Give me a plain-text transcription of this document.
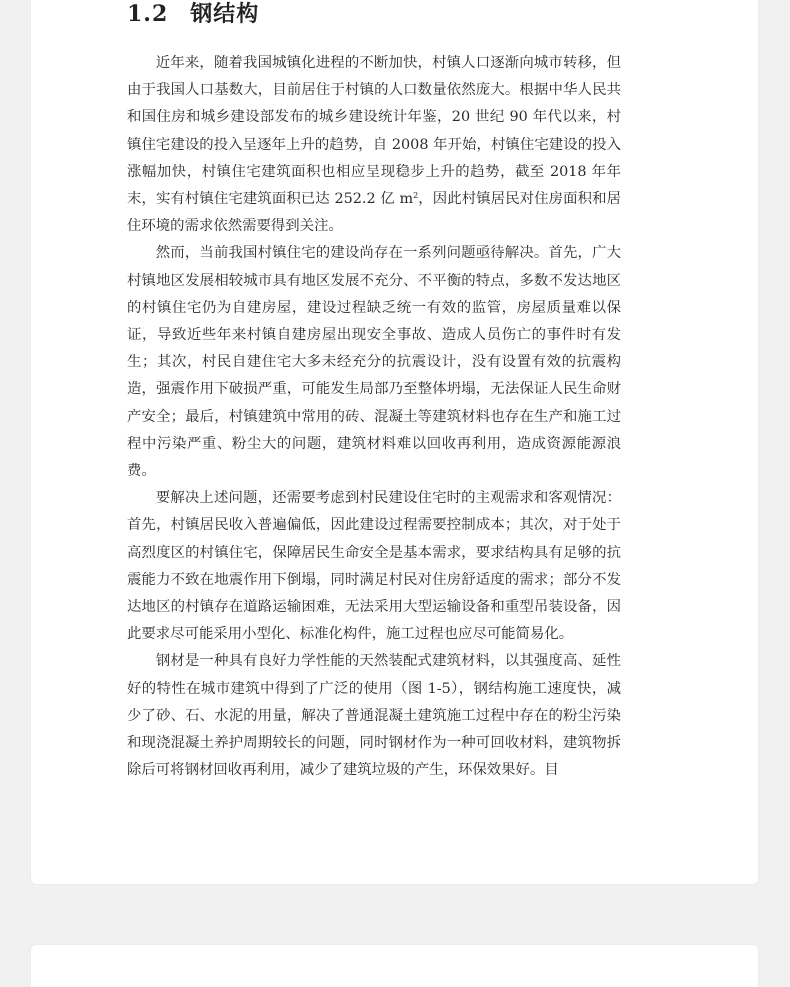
1.2 钢结构

近年来，随着我国城镇化进程的不断加快，村镇人口逐渐向城市转移，但由于我国人口基数大，目前居住于村镇的人口数量依然庞大。根据中华人民共和国住房和城乡建设部发布的城乡建设统计年鉴，20 世纪 90 年代以来，村镇住宅建设的投入呈逐年上升的趋势，自 2008 年开始，村镇住宅建设的投入涨幅加快，村镇住宅建筑面积也相应呈现稳步上升的趋势，截至 2018 年年末，实有村镇住宅建筑面积已达 252.2 亿 $m^2$，因此村镇居民对住房面积和居住环境的需求依然需要得到关注。

然而，当前我国村镇住宅的建设尚存在一系列问题亟待解决。首先，广大村镇地区发展相较城市具有地区发展不充分、不平衡的特点，多数不发达地区的村镇住宅仍为自建房屋，建设过程缺乏统一有效的监管，房屋质量难以保证，导致近些年来村镇自建房屋出现安全事故、造成人员伤亡的事件时有发生；其次，村民自建住宅大多未经充分的抗震设计，没有设置有效的抗震构造，强震作用下破损严重，可能发生局部乃至整体坍塌，无法保证人民生命财产安全；最后，村镇建筑中常用的砖、混凝土等建筑材料也存在生产和施工过程中污染严重、粉尘大的问题，建筑材料难以回收再利用，造成资源能源浪费。

要解决上述问题，还需要考虑到村民建设住宅时的主观需求和客观情况：首先，村镇居民收入普遍偏低，因此建设过程需要控制成本；其次，对于处于高烈度区的村镇住宅，保障居民生命安全是基本需求，要求结构具有足够的抗震能力不致在地震作用下倒塌，同时满足村民对住房舒适度的需求；部分不发达地区的村镇存在道路运输困难，无法采用大型运输设备和重型吊装设备，因此要求尽可能采用小型化、标准化构件，施工过程也应尽可能简易化。

钢材是一种具有良好力学性能的天然装配式建筑材料，以其强度高、延性好的特性在城市建筑中得到了广泛的使用（图 1-5），钢结构施工速度快，减少了砂、石、水泥的用量，解决了普通混凝土建筑施工过程中存在的粉尘污染和现浇混凝土养护周期较长的问题，同时钢材作为一种可回收材料，建筑物拆除后可将钢材回收再利用，减少了建筑垃圾的产生，环保效果好。目
